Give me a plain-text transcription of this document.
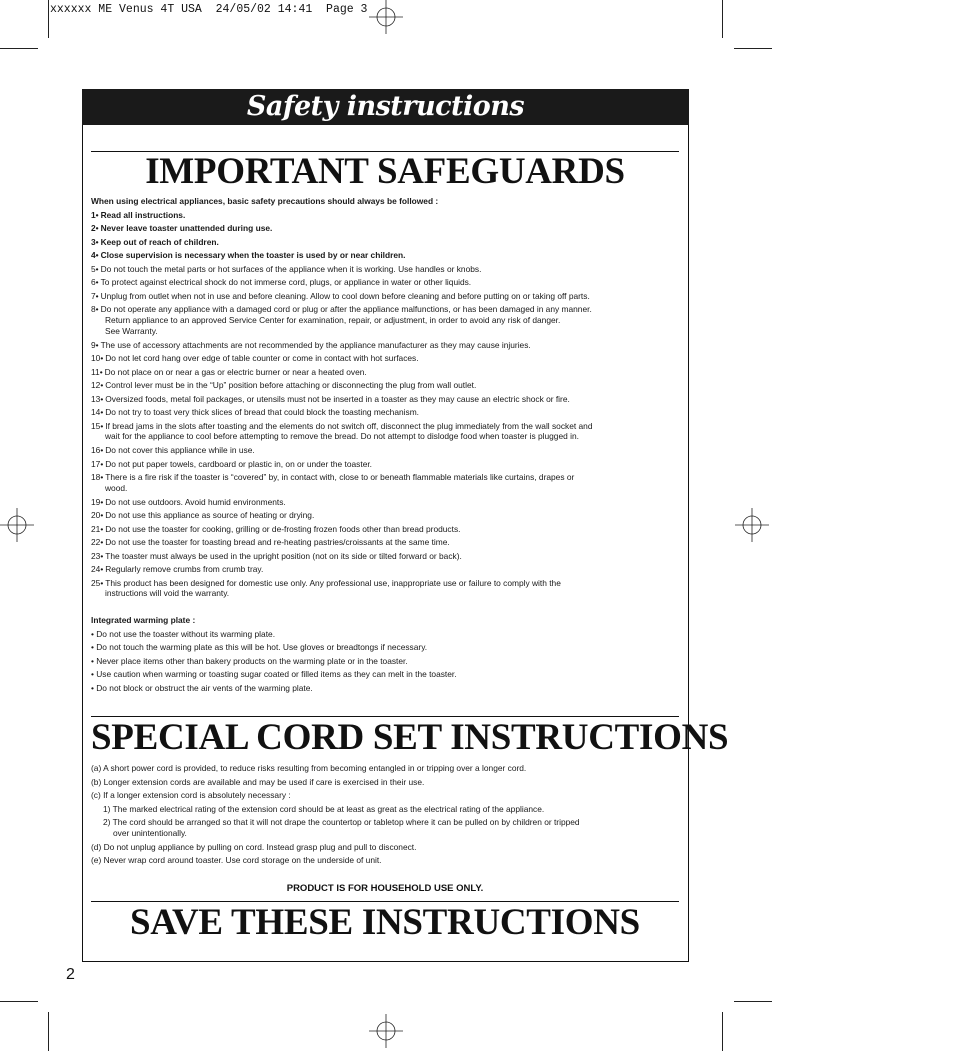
xxxxxx ME Venus 4T USA  24/05/02 14:41  Page 3
Safety instructions
IMPORTANT SAFEGUARDS
When using electrical appliances, basic safety precautions should always be followed :
1• Read all instructions.
2• Never leave toaster unattended during use.
3• Keep out of reach of children.
4• Close supervision is necessary when the toaster is used by or near children.
5• Do not touch the metal parts or hot surfaces of the appliance when it is working. Use handles or knobs.
6• To protect against electrical shock do not immerse cord, plugs, or appliance in water or other liquids.
7• Unplug from outlet when not in use and before cleaning. Allow to cool down before cleaning and before putting on or taking off parts.
8• Do not operate any appliance with a damaged cord or plug or after the appliance malfunctions, or has been damaged in any manner.
Return appliance to an approved Service Center for examination, repair, or adjustment, in order to avoid any risk of danger.
See Warranty.
9• The use of accessory attachments are not recommended by the appliance manufacturer as they may cause injuries.
10• Do not let cord hang over edge of table counter or come in contact with hot surfaces.
11• Do not place on or near a gas or electric burner or near a heated oven.
12• Control lever must be in the “Up” position before attaching or disconnecting the plug from wall outlet.
13• Oversized foods, metal foil packages, or utensils must not be inserted in a toaster as they may cause an electric shock or fire.
14• Do not try to toast very thick slices of bread that could block the toasting mechanism.
15• If bread jams in the slots after toasting and the elements do not switch off, disconnect the plug immediately from the wall socket and
wait for the appliance to cool before attempting to remove the bread. Do not attempt to dislodge food when toaster is plugged in.
16• Do not cover this appliance while in use.
17• Do not put paper towels, cardboard or plastic in, on or under the toaster.
18• There is a fire risk if the toaster is “covered” by, in contact with, close to or beneath flammable materials like curtains, drapes or
wood.
19• Do not use outdoors. Avoid humid environments.
20• Do not use this appliance as source of heating or drying.
21• Do not use the toaster for cooking, grilling or de-frosting frozen foods other than bread products.
22• Do not use the toaster for toasting bread and re-heating pastries/croissants at the same time.
23• The toaster must always be used in the upright position (not on its side or tilted forward or back).
24• Regularly remove crumbs from crumb tray.
25• This product has been designed for domestic use only. Any professional use, inappropriate use or failure to comply with the
instructions will void the warranty.
Integrated warming plate :
• Do not use the toaster without its warming plate.
• Do not touch the warming plate as this will be hot. Use gloves or breadtongs if necessary.
• Never place items other than bakery products on the warming plate or in the toaster.
• Use caution when warming or toasting sugar coated or filled items as they can melt in the toaster.
• Do not block or obstruct the air vents of the warming plate.
SPECIAL CORD SET INSTRUCTIONS
(a) A short power cord is provided, to reduce risks resulting from becoming entangled in or tripping over a longer cord.
(b) Longer extension cords are available and may be used if care is exercised in their use.
(c) If a longer extension cord is absolutely necessary :
1) The marked electrical rating of the extension cord should be at least as great as the electrical rating of the appliance.
2) The cord should be arranged so that it will not drape the countertop or tabletop where it can be pulled on by children or tripped
over unintentionally.
(d) Do not unplug appliance by pulling on cord. Instead grasp plug and pull to disconect.
(e) Never wrap cord around toaster. Use cord storage on the underside of unit.
PRODUCT IS FOR HOUSEHOLD USE ONLY.
SAVE THESE INSTRUCTIONS
2
